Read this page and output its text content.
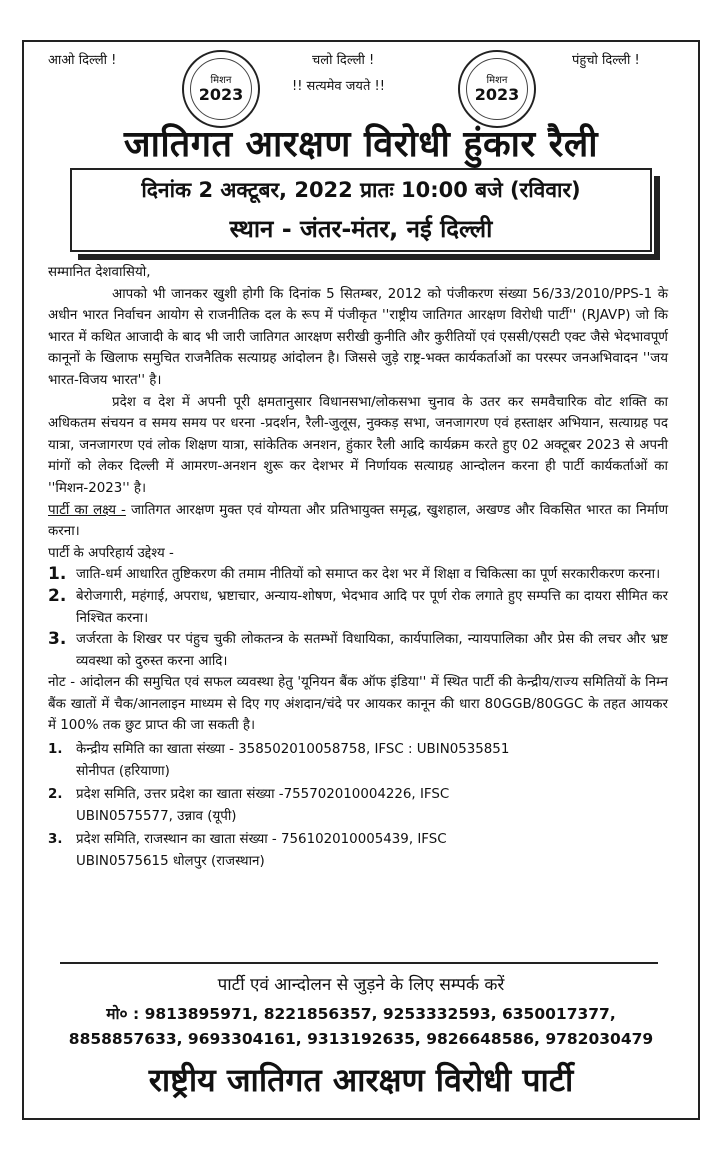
आओ दिल्ली !
मिशन
2023
चलो दिल्ली !
!! सत्यमेव जयते !!	मिशन
2023
पंहुचो दिल्ली !
जातिगत आरक्षण विरोधी हुंकार रैली
दिनांक 2 अक्टूबर, 2022 प्रातः 10:00 बजे (रविवार)
स्थान - जंतर-मंतर, नई दिल्ली

सम्मानित देशवासियो,

आपको भी जानकर खुशी होगी कि दिनांक 5 सितम्बर, 2012 को पंजीकरण संख्या 56/33/2010/PPS-1 के अधीन भारत निर्वाचन आयोग से राजनीतिक दल के रूप में पंजीकृत ''राष्ट्रीय जातिगत आरक्षण विरोधी पार्टी'' (RJAVP) जो कि भारत में कथित आजादी के बाद भी जारी जातिगत आरक्षण सरीखी कुनीति और कुरीतियों एवं एससी/एसटी एक्ट जैसे भेदभावपूर्ण कानूनों के खिलाफ समुचित राजनैतिक सत्याग्रह आंदोलन है। जिससे जुड़े राष्ट्र-भक्त कार्यकर्ताओं का परस्पर जनअभिवादन ''जय भारत-विजय भारत'' है।

प्रदेश व देश में अपनी पूरी क्षमतानुसार विधानसभा/लोकसभा चुनाव के उतर कर समवैचारिक वोट शक्ति का अधिकतम संचयन व समय समय पर धरना -प्रदर्शन, रैली-जुलूस, नुक्कड़ सभा, जनजागरण एवं हस्ताक्षर अभियान, सत्याग्रह पद यात्रा, जनजागरण एवं लोक शिक्षण यात्रा, सांकेतिक अनशन, हुंकार रैली आदि कार्यक्रम करते हुए 02 अक्टूबर 2023 से अपनी मांगों को लेकर दिल्ली में आमरण-अनशन शुरू कर देशभर में निर्णायक सत्याग्रह आन्दोलन करना ही पार्टी कार्यकर्ताओं का ''मिशन-2023'' है।

पार्टी का लक्ष्य - जातिगत आरक्षण मुक्त एवं योग्यता और प्रतिभायुक्त समृद्ध, खुशहाल, अखण्ड और विकसित भारत का निर्माण करना।

पार्टी के अपरिहार्य उद्देश्य -

1. जाति-धर्म आधारित तुष्टिकरण की तमाम नीतियों को समाप्त कर देश भर में शिक्षा व चिकित्सा का पूर्ण सरकारीकरण करना।
2. बेरोजगारी, महंगाई, अपराध, भ्रष्टाचार, अन्याय-शोषण, भेदभाव आदि पर पूर्ण रोक लगाते हुए सम्पत्ति का दायरा सीमित कर निश्चित करना।
3. जर्जरता के शिखर पर पंहुच चुकी लोकतन्त्र के सतम्भों विधायिका, कार्यपालिका, न्यायपालिका और प्रेस की लचर और भ्रष्ट व्यवस्था को दुरुस्त करना आदि।

नोट - आंदोलन की समुचित एवं सफल व्यवस्था हेतु 'यूनियन बैंक ऑफ इंडिया'' में स्थित पार्टी की केन्द्रीय/राज्य समितियों के निम्न बैंक खातों में चैक/आनलाइन माध्यम से दिए गए अंशदान/चंदे पर आयकर कानून की धारा 80GGB/80GGC के तहत आयकर में 100% तक छुट प्राप्त की जा सकती है।

1.	केन्द्रीय समिति का खाता संख्या - 358502010058758, IFSC : UBIN0535851
सोनीपत (हरियाणा)
2.	प्रदेश समिति, उत्तर प्रदेश का खाता संख्या -755702010004226, IFSC
UBIN0575577, उन्नाव (यूपी)
3.	प्रदेश समिति, राजस्थान का खाता संख्या - 756102010005439, IFSC
UBIN0575615 धोलपुर (राजस्थान)
पार्टी एवं आन्दोलन से जुड़ने के लिए सम्पर्क करें
मो० : 9813895971, 8221856357, 9253332593, 6350017377,
8858857633, 9693304161, 9313192635, 9826648586, 9782030479
राष्ट्रीय जातिगत आरक्षण विरोधी पार्टी
